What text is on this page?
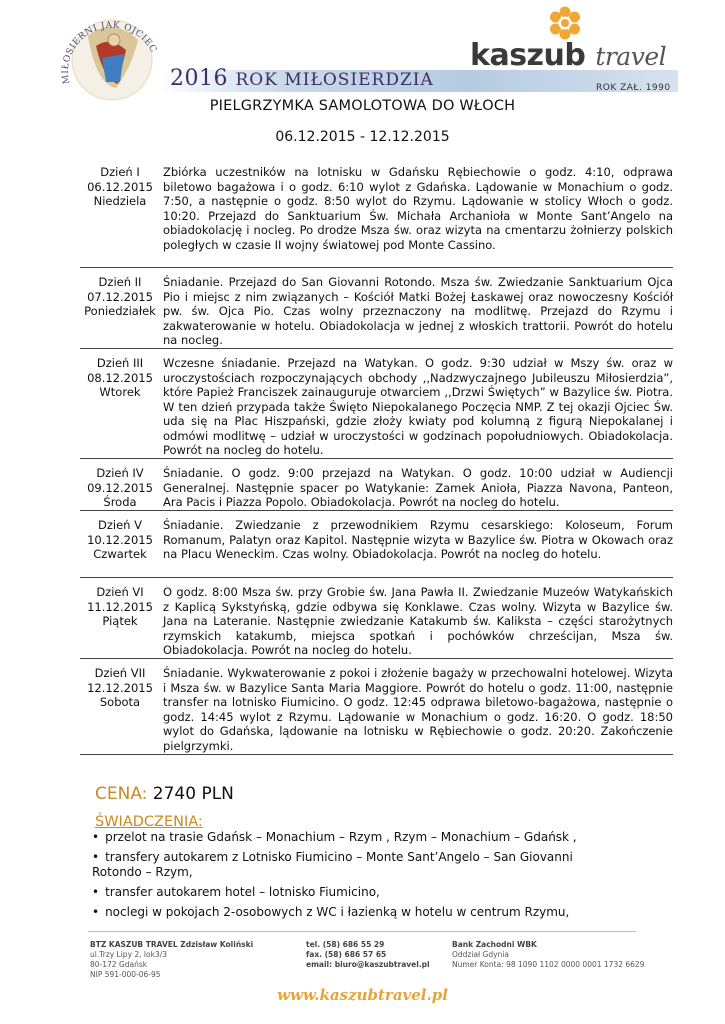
MIŁOSIERNI JAK OJCIEC
2016 ROK MIŁOSIERDZIA
kaszub travel
ROK ZAŁ. 1990
PIELGRZYMKA SAMOLOTOWA DO WŁOCH
06.12.2015 - 12.12.2015
Dzień I
06.12.2015
Niedziela
Zbiórka uczestników na lotnisku w Gdańsku Rębiechowie o godz. 4:10, odprawa biletowo bagażowa i o godz. 6:10 wylot z Gdańska. Lądowanie w Monachium o godz. 7:50, a następnie o godz. 8:50 wylot do Rzymu. Lądowanie w stolicy Włoch o godz. 10:20. Przejazd do Sanktuarium Św. Michała Archanioła w Monte Sant’Angelo na obiadokolację i nocleg. Po drodze Msza św. oraz wizyta na cmentarzu żołnierzy polskich poległych w czasie II wojny światowej pod Monte Cassino.
Dzień II
07.12.2015
Poniedziałek
Śniadanie. Przejazd do San Giovanni Rotondo. Msza św. Zwiedzanie Sanktuarium Ojca Pio i miejsc z nim związanych – Kościół Matki Bożej Łaskawej oraz nowoczesny Kościół pw. św. Ojca Pio. Czas wolny przeznaczony na modlitwę. Przejazd do Rzymu i zakwaterowanie w hotelu. Obiadokolacja w jednej z włoskich trattorii. Powrót do hotelu na nocleg.
Dzień III
08.12.2015
Wtorek
Wczesne śniadanie. Przejazd na Watykan. O godz. 9:30 udział w Mszy św. oraz w uroczystościach rozpoczynających obchody ,,Nadzwyczajnego Jubileuszu Miłosierdzia”, które Papież Franciszek zainauguruje otwarciem ,,Drzwi Świętych” w Bazylice św. Piotra. W ten dzień przypada także Święto Niepokalanego Poczęcia NMP. Z tej okazji Ojciec Św. uda się na Plac Hiszpański, gdzie złoży kwiaty pod kolumną z figurą Niepokalanej i odmówi modlitwę – udział w uroczystości w godzinach popołudniowych. Obiadokolacja. Powrót na nocleg do hotelu.
Dzień IV
09.12.2015
Środa
Śniadanie. O godz. 9:00 przejazd na Watykan. O godz. 10:00 udział w Audiencji Generalnej. Następnie spacer po Watykanie: Zamek Anioła, Piazza Navona, Panteon, Ara Pacis i Piazza Popolo. Obiadokolacja. Powrót na nocleg do hotelu.
Dzień V
10.12.2015
Czwartek
Śniadanie. Zwiedzanie z przewodnikiem Rzymu cesarskiego: Koloseum, Forum Romanum, Palatyn oraz Kapitol. Następnie wizyta w Bazylice św. Piotra w Okowach oraz na Placu Weneckim. Czas wolny. Obiadokolacja. Powrót na nocleg do hotelu.
Dzień VI
11.12.2015
Piątek
O godz. 8:00 Msza św. przy Grobie św. Jana Pawła II. Zwiedzanie Muzeów Watykańskich z Kaplicą Sykstyńską, gdzie odbywa się Konklawe. Czas wolny. Wizyta w Bazylice św. Jana na Lateranie. Następnie zwiedzanie Katakumb św. Kaliksta – części starożytnych rzymskich katakumb, miejsca spotkań i pochówków chrześcijan, Msza św. Obiadokolacja. Powrót na nocleg do hotelu.
Dzień VII
12.12.2015
Sobota
Śniadanie. Wykwaterowanie z pokoi i złożenie bagaży w przechowalni hotelowej. Wizyta i Msza św. w Bazylice Santa Maria Maggiore. Powrót do hotelu o godz. 11:00, następnie transfer na lotnisko Fiumicino. O godz. 12:45 odprawa biletowo-bagażowa, następnie o godz. 14:45 wylot z Rzymu. Lądowanie w Monachium o godz. 16:20. O godz. 18:50 wylot do Gdańska, lądowanie na lotnisku w Rębiechowie o godz. 20:20. Zakończenie pielgrzymki.
CENA: 2740 PLN
ŚWIADCZENIA:
• przelot na trasie Gdańsk – Monachium – Rzym , Rzym – Monachium – Gdańsk ,
• transfery autokarem z Lotnisko Fiumicino – Monte Sant’Angelo – San Giovanni Rotondo – Rzym,
• transfer autokarem hotel – lotnisko Fiumicino,
• noclegi w pokojach 2-osobowych z WC i łazienką w hotelu w centrum Rzymu,
BTZ KASZUB TRAVEL Zdzisław Koliński
ul.Trzy Lipy 2, lok3/3
80-172 Gdańsk
NIP 591-000-06-95
tel. (58) 686 55 29
fax. (58) 686 57 65
email: biuro@kaszubtravel.pl
Bank Zachodni WBK
Oddział Gdynia
Numer Konta: 98 1090 1102 0000 0001 1732 6629
www.kaszubtravel.pl
